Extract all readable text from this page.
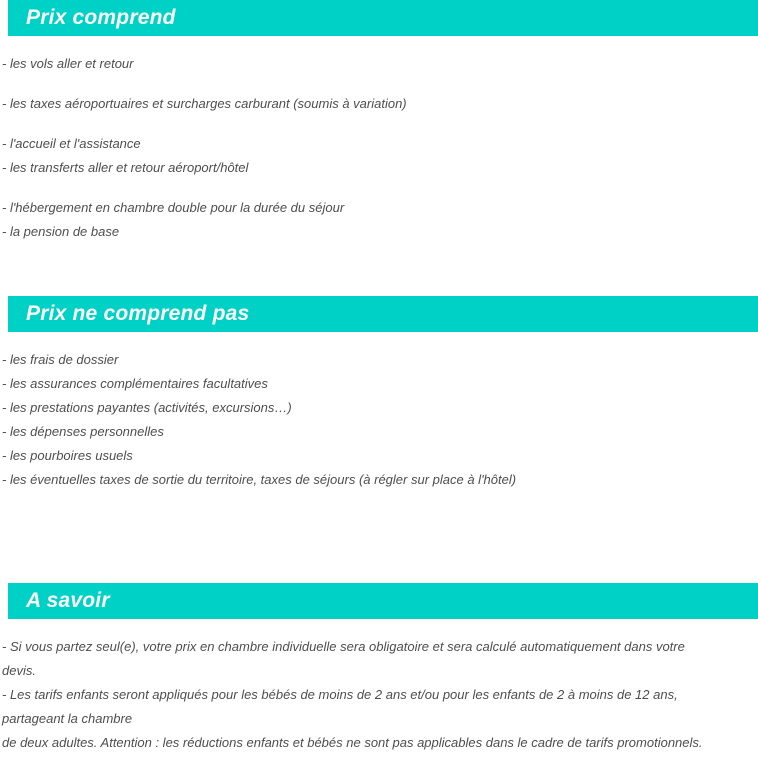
Prix comprend

- les vols aller et retour

- les taxes aéroportuaires et surcharges carburant (soumis à variation)

- l'accueil et l'assistance
- les transferts aller et retour aéroport/hôtel

- l'hébergement en chambre double pour la durée du séjour
- la pension de base

Prix ne comprend pas

- les frais de dossier
- les assurances complémentaires facultatives
- les prestations payantes (activités, excursions…)
- les dépenses personnelles
- les pourboires usuels
- les éventuelles taxes de sortie du territoire, taxes de séjours (à régler sur place à l'hôtel)

A savoir

- Si vous partez seul(e), votre prix en chambre individuelle sera obligatoire et sera calculé automatiquement dans votre
devis.
- Les tarifs enfants seront appliqués pour les bébés de moins de 2 ans et/ou pour les enfants de 2 à moins de 12 ans,
partageant la chambre
de deux adultes. Attention : les réductions enfants et bébés ne sont pas applicables dans le cadre de tarifs promotionnels.
